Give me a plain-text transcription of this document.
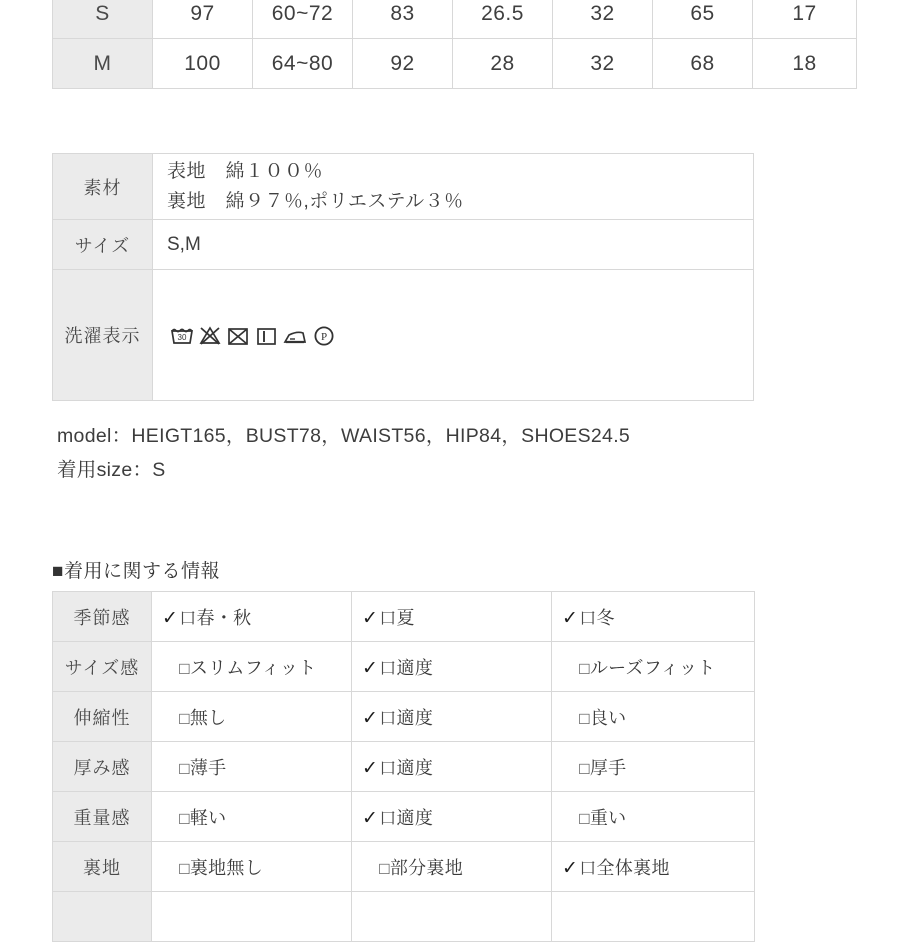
S	97	60~72	83	26.5	32	65	17
M	100	64~80	92	28	32	68	18
素材	表地　綿１００％
裏地　綿９７％,ポリエステル３％

サイズ	S,M
洗濯表示	30 P
model：HEIGT165，BUST78，WAIST56，HIP84，SHOES24.5
着用size：S
■着用に関する情報
季節感	✓口春・秋	✓口夏	✓口冬
サイズ感	□スリムフィット	✓口適度	□ルーズフィット
伸縮性	□無し	✓口適度	□良い
厚み感	□薄手	✓口適度	□厚手
重量感	□軽い	✓口適度	□重い
裏地	□裏地無し	□部分裏地	✓口全体裏地
